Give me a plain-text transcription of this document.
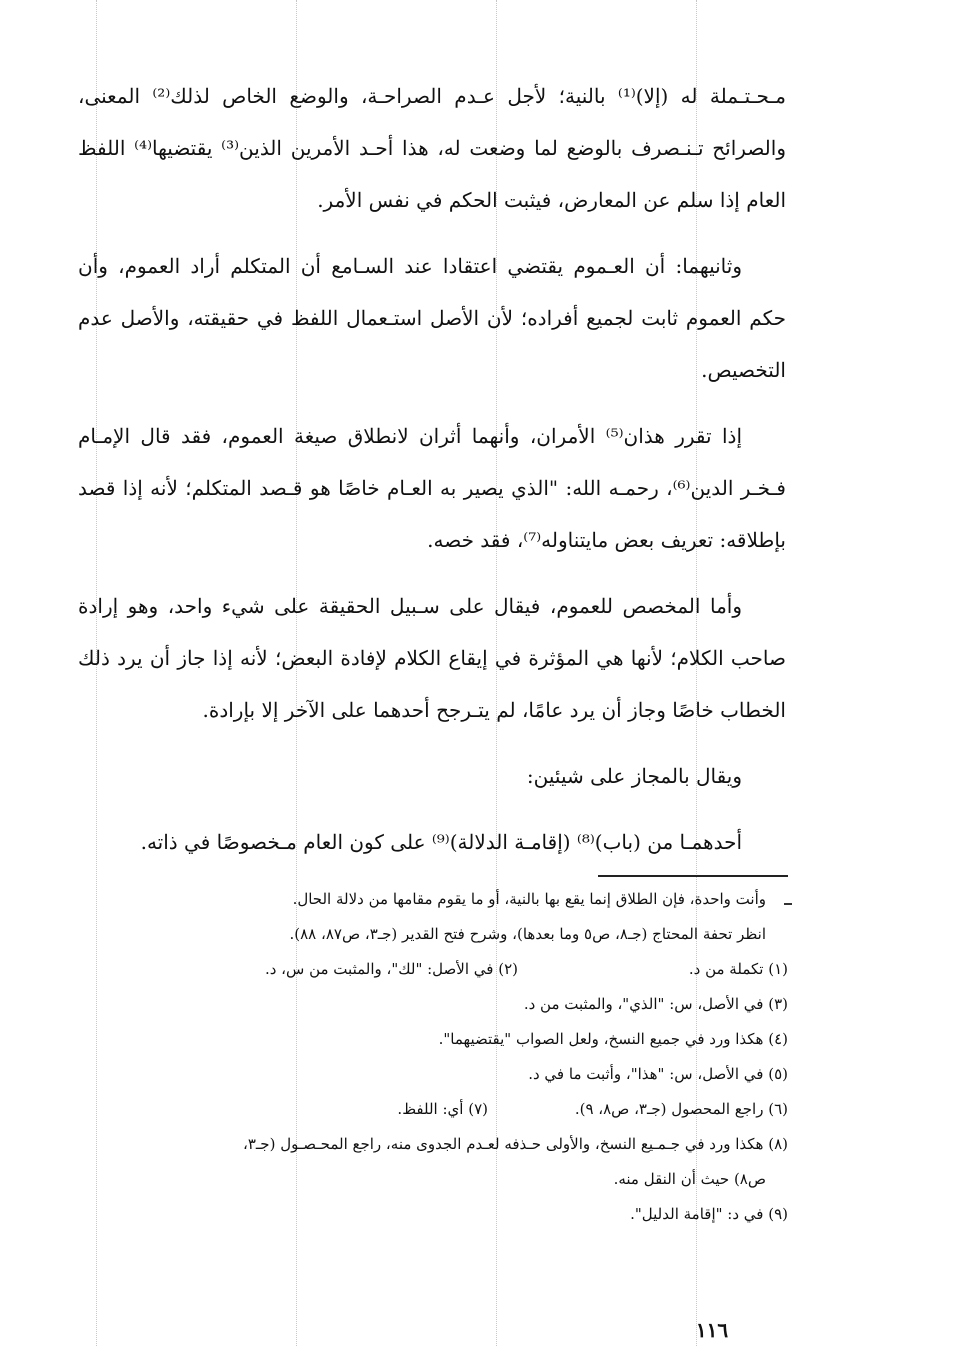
مـحـتـملة له (إلا)⁽¹⁾ بالنية؛ لأجل عـدم الصراحـة، والوضع الخاص لذلك⁽²⁾ المعنى، والصرائح تـنـصرف بالوضع لما وضعت له، هذا أحـد الأمرين الذين⁽³⁾ يقتضيها⁽⁴⁾ اللفظ العام إذا سلم عن المعارض، فيثبت الحكم في نفس الأمر.

وثانيهما: أن العـموم يقتضي اعتقادا عند السـامع أن المتكلم أراد العموم، وأن حكم العموم ثابت لجميع أفراده؛ لأن الأصل استـعمال اللفظ في حقيقته، والأصل عدم التخصيص.

إذا تقرر هذان⁽⁵⁾ الأمران، وأنهما أثران لانطلاق صيغة العموم، فقد قال الإمـام فـخـر الدين⁽⁶⁾، رحمـه الله: "الذي يصير به العـام خاصًا هو قـصد المتكلم؛ لأنه إذا قصد بإطلاقه: تعريف بعض مايتناوله⁽⁷⁾، فقد خصه.

وأما المخصص للعموم، فيقال على سـبيل الحقيقة على شيء واحد، وهو إرادة صاحب الكلام؛ لأنها هي المؤثرة في إيقاع الكلام لإفادة البعض؛ لأنه إذا جاز أن يرد ذلك الخطاب خاصًا وجاز أن يرد عامًا، لم يتـرجح أحدهما على الآخر إلا بإرادة.

ويقال بالمجاز على شيئين:

أحدهمـا من (باب)⁽⁸⁾ (إقامـة الدلالة)⁽⁹⁾ على كون العام مـخصوصًا في ذاته.

وأنت واحدة، فإن الطلاق إنما يقع بها بالنية، أو ما يقوم مقامها من دلالة الحال.

انظر تحفة المحتاج (جـ٨، ص٥ وما بعدها)، وشرح فتح القدير (جـ٣، ص٨٧، ٨٨).

(١) تكملة من د.
(٢) في الأصل: "لك"، والمثبت من س، د.

(٣) في الأصل، س: "الذي"، والمثبت من د.

(٤) هكذا ورد في جميع النسخ، ولعل الصواب "يقتضيهما".

(٥) في الأصل، س: "هذا"، وأثبت ما في د.

(٦) راجع المحصول (جـ٣، ص٨، ٩).
(٧) أي: اللفظ.

(٨) هكذا ورد في جـمـيع النسخ، والأولى حـذفه لعـدم الجدوى منه، راجع المحـصـول (جـ٣،

ص٨) حيث أن النقل منه.

(٩) في د: "إقامة الدليل".

١١٦
